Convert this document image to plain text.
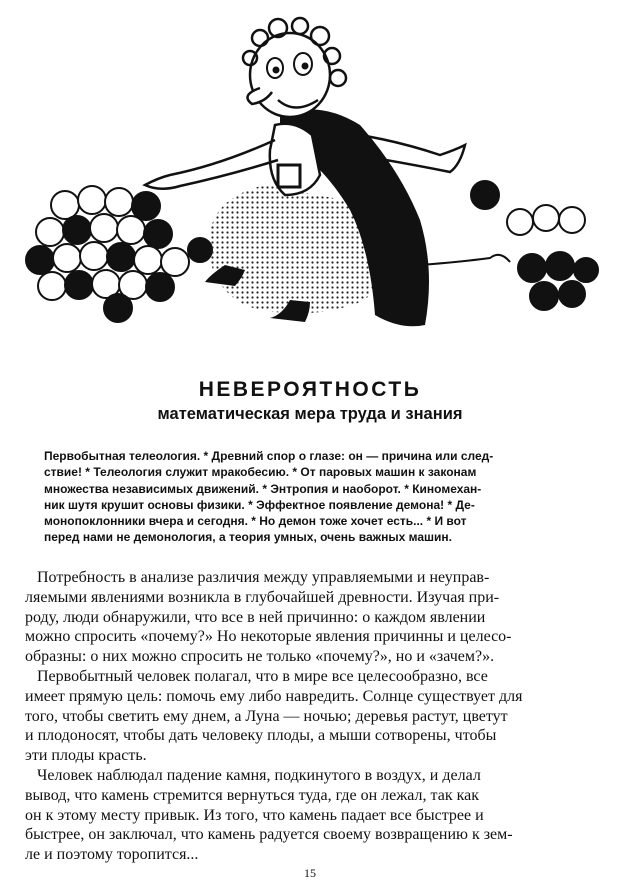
НЕВЕРОЯТНОСТЬ
математическая мера труда и знания
Первобытная телеология. * Древний спор о глазе: он — причина или след-
ствие! * Телеология служит мракобесию. * От паровых машин к законам
множества независимых движений. * Энтропия и наоборот. * Киномехан-
ник шутя крушит основы физики. * Эффектное появление демона! * Де-
монопоклонники вчера и сегодня. * Но демон тоже хочет есть... * И вот
перед нами не демонология, а теория умных, очень важных машин.
Потребность в анализе различия между управляемыми и неуправ-
ляемыми явлениями возникла в глубочайшей древности. Изучая при-
роду, люди обнаружили, что все в ней причинно: о каждом явлении
можно спросить «почему?» Но некоторые явления причинны и целесо-
образны: о них можно спросить не только «почему?», но и «зачем?».
Первобытный человек полагал, что в мире все целесообразно, все
имеет прямую цель: помочь ему либо навредить. Солнце существует для
того, чтобы светить ему днем, а Луна — ночью; деревья растут, цветут
и плодоносят, чтобы дать человеку плоды, а мыши сотворены, чтобы
эти плоды красть.
Человек наблюдал падение камня, подкинутого в воздух, и делал
вывод, что камень стремится вернуться туда, где он лежал, так как
он к этому месту привык. Из того, что камень падает все быстрее и
быстрее, он заключал, что камень радуется своему возвращению к зем-
ле и поэтому торопится...
15
